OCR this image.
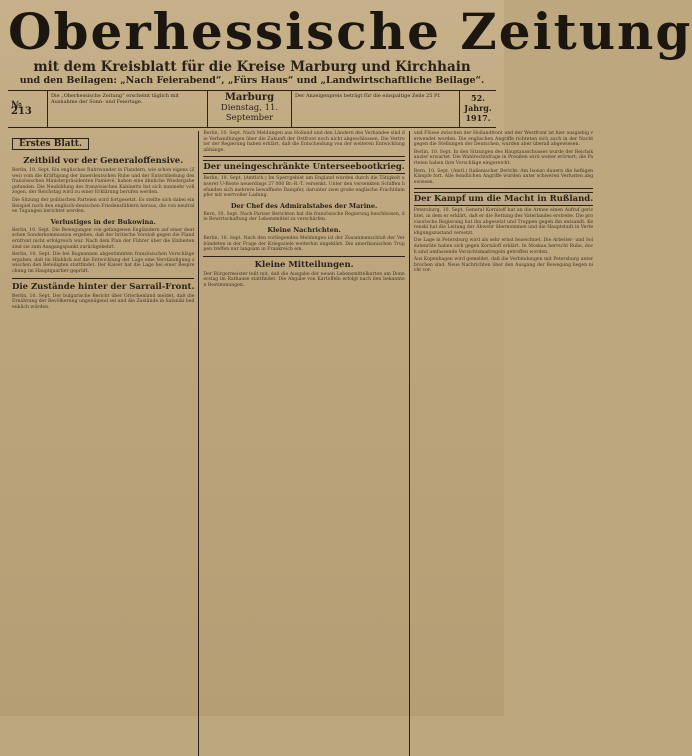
Oberhessische Zeitung
mit dem Kreisblatt für die Kreise Marburg und Kirchhain
und den Beilagen: „Nach Feierabend“, „Fürs Haus“ und „Landwirtschaftliche Beilage“.
№ 213
Die „Oberhessische Zeitung“ erscheint täglich mit Ausnahme der Sonn- und Feiertage.	Marburg
Dienstag, 11. September
Der Anzeigenpreis beträgt für die einspaltige Zeile 25 Pf.	52. Jahrg.
1917.
Erstes Blatt.
Zeitbild vor der Generaloffensive.

Berlin, 10. Sept. Ein englisches Ruhrwunder in Flandern, wie schon eigens (Zwei) vom die Kräftigung der innerdeutschen Ruhe und der Entschließung des französischen Ministerpräsidenten Painlevé, haben eine ähnliche Wiedergabe gefunden. Die Neubildung des französischen Kabinetts hat sich nunmehr vollzogen, der Reichstag wird zu einer Erklärung berufen werden.

Die Sitzung der politischen Parteien wird fortgesetzt. Es stellte sich dabei ein Beispiel nach den englisch-deutschen Friedensfühlern heraus, die von neutralen Tagungen berichtet werden.

Verlustiges in der Bukowina.

Berlin, 10. Sept. Die Bewegungen von gefangenen Engländern auf einer deutschen Sonderkommission ergeben, daß der britische Vorstoß gegen die Flandernfront nicht erfolgreich war. Nach dem Plan der Führer über die Einheiten sind sie zum Ausgangspunkt zurückgekehrt.

Berlin, 10. Sept. Die bei Bugeannen abgestimmten französischen Vorschläge ergaben, daß im Hinblick auf die Entwicklung der Lage eine Verständigung zwischen den Beteiligten stattfindet. Der Kaiser hat die Lage bei einer Besprechung im Hauptquartier geprüft.

Die Zustände hinter der Sarrail-Front.

Berlin, 10. Sept. Der bulgarische Bericht über Griechenland meldet, daß die Ernährung der Bevölkerung ungenügend sei und die Zustände in Saloniki bedenklich würden.

Berlin, 10. Sept. Nach Meldungen aus Holland und den Ländern des Verbandes sind die Verhandlungen über die Zukunft der Ostfront noch nicht abgeschlossen. Die Vertreter der Regierung haben erklärt, daß die Entscheidung von der weiteren Entwicklung abhänge.

Der uneingeschränkte Unterseebootkrieg.

Berlin, 10. Sept. (Amtlich.) Im Sperrgebiet um England wurden durch die Tätigkeit unserer U-Boote neuerdings 27 000 Br.-R.-T. versenkt. Unter den versenkten Schiffen befanden sich mehrere bewaffnete Dampfer, darunter zwei große englische Frachtdampfer mit wertvoller Ladung.

Der Chef des Admiralstabes der Marine.

Bern, 10. Sept. Nach Pariser Berichten hat die französische Regierung beschlossen, die Bewirtschaftung der Lebensmittel zu verschärfen.

Kleine Nachrichten.

Berlin, 10. Sept. Nach den vorliegenden Meldungen ist der Zusammenschluß der Verbündeten in der Frage der Kriegsziele weiterhin ungeklärt. Die amerikanischen Truppen treffen nur langsam in Frankreich ein.

Kleine Mitteilungen.

Der Bürgermeister teilt mit, daß die Ausgabe der neuen Lebensmittelkarten am Donnerstag im Rathause stattfindet. Die Abgabe von Kartoffeln erfolgt nach den bekannten Bestimmungen.

und Flüsse zwischen der Hollandfront und der Westfront ist hier ausgiebig verwendet worden. Die englischen Angriffe richteten sich auch in der Nacht gegen die Stellungen der Deutschen, wurden aber überall abgewiesen.

Berlin, 10. Sept. In den Sitzungen des Hauptausschusses wurde der Reichskanzler erwartet. Die Wahlrechtsfrage in Preußen wird weiter erörtert; die Parteien haben ihre Vorschläge eingereicht.

Bern, 10. Sept. (Amtl.) Italienischer Bericht: Am Isonzo dauern die heftigen Kämpfe fort. Alle feindlichen Angriffe wurden unter schweren Verlusten abgewiesen.

Der Kampf um die Macht in Rußland.

Petersburg, 10. Sept. General Korniloff hat an die Armee einen Aufruf gerichtet, in dem er erklärt, daß er die Rettung des Vaterlandes erstrebe. Die provisorische Regierung hat ihn abgesetzt und Truppen gegen ihn entsandt. Kerenski hat die Leitung der Abwehr übernommen und die Hauptstadt in Verteidigungszustand versetzt.

Die Lage in Petersburg wird als sehr ernst bezeichnet. Die Arbeiter- und Soldatenräte haben sich gegen Korniloff erklärt. In Moskau herrscht Ruhe, doch sind umfassende Vorsichtsmaßregeln getroffen worden.

Aus Kopenhagen wird gemeldet, daß die Verbindungen mit Petersburg unterbrochen sind. Neue Nachrichten über den Ausgang der Bewegung liegen nicht vor.
